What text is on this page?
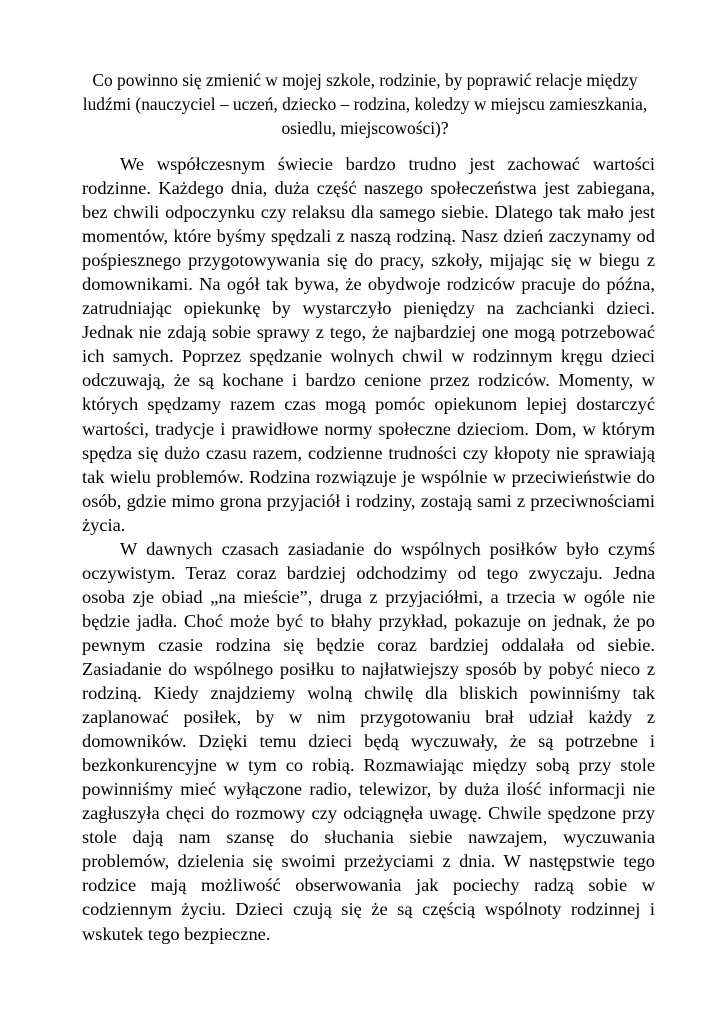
Co powinno się zmienić w mojej szkole, rodzinie, by poprawić relacje między ludźmi (nauczyciel – uczeń, dziecko – rodzina, koledzy w miejscu zamieszkania, osiedlu, miejscowości)?

We współczesnym świecie bardzo trudno jest zachować wartości rodzinne. Każdego dnia, duża część naszego społeczeństwa jest zabiegana, bez chwili odpoczynku czy relaksu dla samego siebie. Dlatego tak mało jest momentów, które byśmy spędzali z naszą rodziną. Nasz dzień zaczynamy od pośpiesznego przygotowywania się do pracy, szkoły, mijając się w biegu z domownikami. Na ogół tak bywa, że obydwoje rodziców pracuje do późna, zatrudniając opiekunkę by wystarczyło pieniędzy na zachcianki dzieci. Jednak nie zdają sobie sprawy z tego, że najbardziej one mogą potrzebować ich samych. Poprzez spędzanie wolnych chwil w rodzinnym kręgu dzieci odczuwają, że są kochane i bardzo cenione przez rodziców. Momenty, w których spędzamy razem czas mogą pomóc opiekunom lepiej dostarczyć wartości, tradycje i prawidłowe normy społeczne dzieciom. Dom, w którym spędza się dużo czasu razem, codzienne trudności czy kłopoty nie sprawiają tak wielu problemów. Rodzina rozwiązuje je wspólnie w przeciwieństwie do osób, gdzie mimo grona przyjaciół i rodziny, zostają sami z przeciwnościami życia.

W dawnych czasach zasiadanie do wspólnych posiłków było czymś oczywistym. Teraz coraz bardziej odchodzimy od tego zwyczaju. Jedna osoba zje obiad „na mieście”, druga z przyjaciółmi, a trzecia w ogóle nie będzie jadła. Choć może być to błahy przykład, pokazuje on jednak, że po pewnym czasie rodzina się będzie coraz bardziej oddalała od siebie. Zasiadanie do wspólnego posiłku to najłatwiejszy sposób by pobyć nieco z rodziną. Kiedy znajdziemy wolną chwilę dla bliskich powinniśmy tak zaplanować posiłek, by w nim przygotowaniu brał udział każdy z domowników. Dzięki temu dzieci będą wyczuwały, że są potrzebne i bezkonkurencyjne w tym co robią. Rozmawiając między sobą przy stole powinniśmy mieć wyłączone radio, telewizor, by duża ilość informacji nie zagłuszyła chęci do rozmowy czy odciągnęła uwagę. Chwile spędzone przy stole dają nam szansę do słuchania siebie nawzajem, wyczuwania problemów, dzielenia się swoimi przeżyciami z dnia. W następstwie tego rodzice mają możliwość obserwowania jak pociechy radzą sobie w codziennym życiu. Dzieci czują się że są częścią wspólnoty rodzinnej i wskutek tego bezpieczne.
